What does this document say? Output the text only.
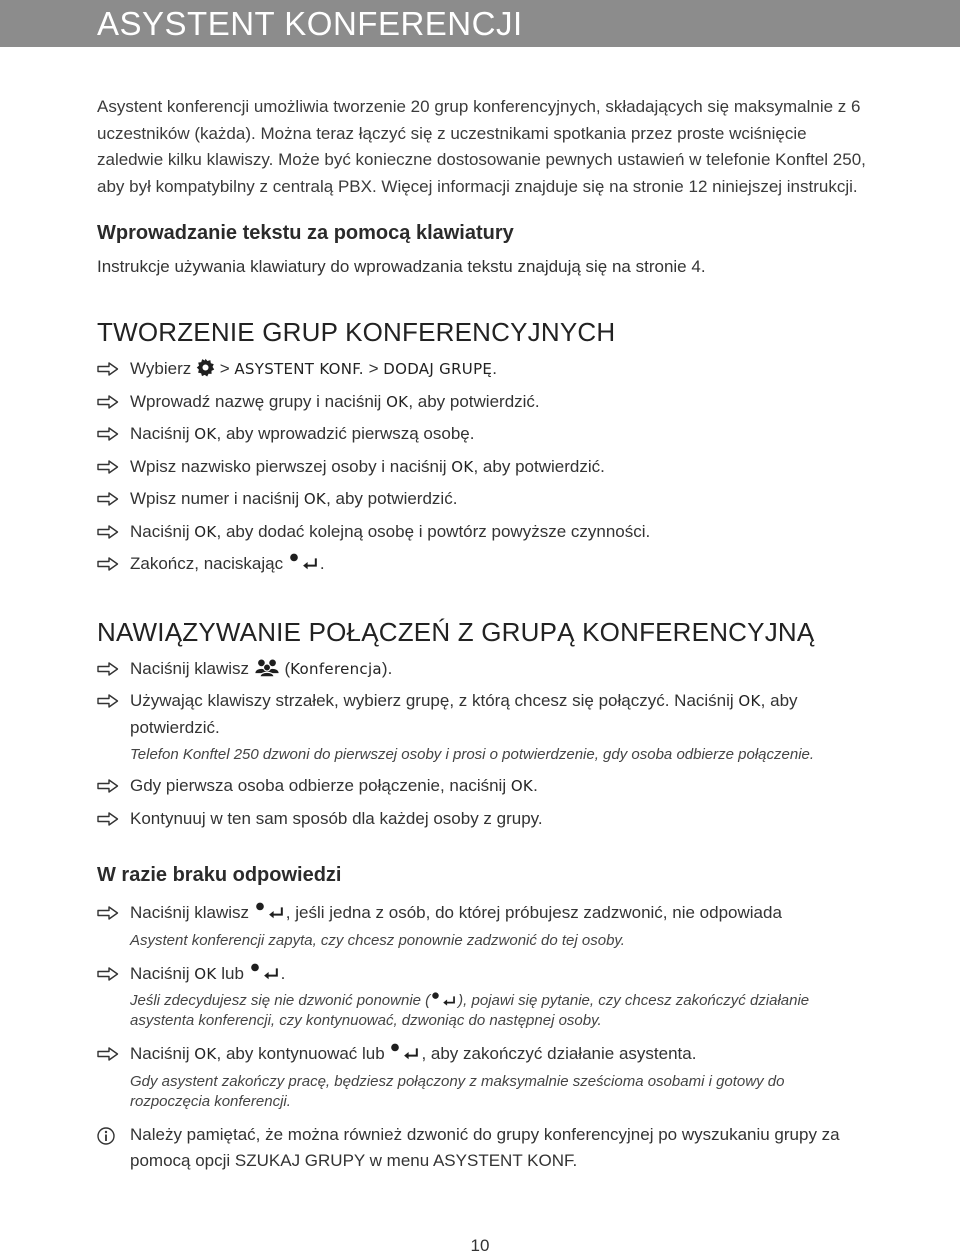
ASYSTENT KONFERENCJI

Asystent konferencji umożliwia tworzenie 20 grup konferencyjnych, składających się maksymalnie z 6 uczestników (każda). Można teraz łączyć się z uczestnikami spotkania przez proste wciśnięcie zaledwie kilku klawiszy. Może być konieczne dostosowanie pewnych ustawień w telefonie Konftel 250, aby był kompatybilny z centralą PBX. Więcej informacji znajduje się na stronie 12 niniejszej instrukcji.

Wprowadzanie tekstu za pomocą klawiatury

Instrukcje używania klawiatury do wprowadzania tekstu znajdują się na stronie 4.

TWORZENIE GRUP KONFERENCYJNYCH
Wybierz  > ASYSTENT KONF. > DODAJ GRUPĘ.
Wprowadź nazwę grupy i naciśnij OK, aby potwierdzić.
Naciśnij OK, aby wprowadzić pierwszą osobę.
Wpisz nazwisko pierwszej osoby i naciśnij OK, aby potwierdzić.
Wpisz numer i naciśnij OK, aby potwierdzić.
Naciśnij OK, aby dodać kolejną osobę i powtórz powyższe czynności.
Zakończ, naciskając .
NAWIĄZYWANIE POŁĄCZEŃ Z GRUPĄ KONFERENCYJNĄ
Naciśnij klawisz  (Konferencja).
Używając klawiszy strzałek, wybierz grupę, z którą chcesz się połączyć. Naciśnij OK, aby potwierdzić.

Telefon Konftel 250 dzwoni do pierwszej osoby i prosi o potwierdzenie, gdy osoba odbierze połączenie.

Gdy pierwsza osoba odbierze połączenie, naciśnij OK.
Kontynuuj w ten sam sposób dla każdej osoby z grupy.
W razie braku odpowiedzi
Naciśnij klawisz , jeśli jedna z osób, do której próbujesz zadzwonić, nie odpowiada

Asystent konferencji zapyta, czy chcesz ponownie zadzwonić do tej osoby.

Naciśnij OK lub .

Jeśli zdecydujesz się nie dzwonić ponownie ( ), pojawi się pytanie, czy chcesz zakończyć działanie asystenta konferencji, czy kontynuować, dzwoniąc do następnej osoby.

Naciśnij OK, aby kontynuować lub , aby zakończyć działanie asystenta.

Gdy asystent zakończy pracę, będziesz połączony z maksymalnie sześcioma osobami i gotowy do rozpoczęcia konferencji.

Należy pamiętać, że można również dzwonić do grupy konferencyjnej po wyszukaniu grupy za pomocą opcji SZUKAJ GRUPY w menu ASYSTENT KONF.
10
